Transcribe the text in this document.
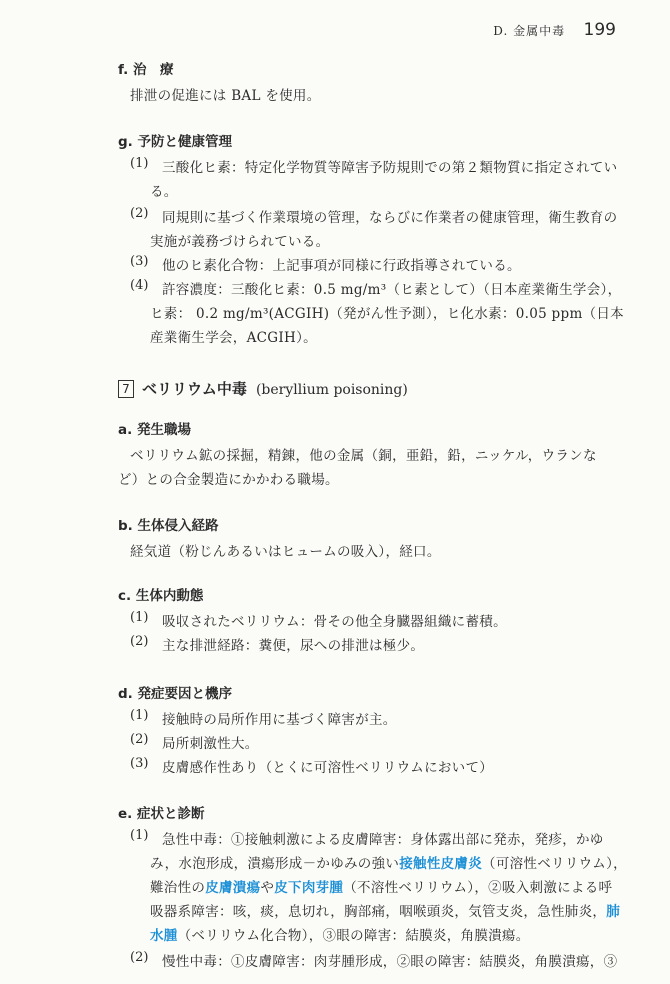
D. 金属中毒 199
f. 治　療
排泄の促進には BAL を使用。
g. 予防と健康管理
(1) 三酸化ヒ素：特定化学物質等障害予防規則での第２類物質に指定されてい
る。
(2) 同規則に基づく作業環境の管理，ならびに作業者の健康管理，衛生教育の
実施が義務づけられている。
(3) 他のヒ素化合物：上記事項が同様に行政指導されている。
(4) 許容濃度：三酸化ヒ素：0.5 mg/m³（ヒ素として）（日本産業衛生学会），
ヒ素： 0.2 mg/m³(ACGIH)（発がん性予測），ヒ化水素：0.05 ppm（日本
産業衛生学会，ACGIH）。
7 ベリリウム中毒 (beryllium poisoning)
a. 発生職場
ベリリウム鉱の採掘，精錬，他の金属（銅，亜鉛，鉛，ニッケル，ウランな
ど）との合金製造にかかわる職場。
b. 生体侵入経路
経気道（粉じんあるいはヒュームの吸入），経口。
c. 生体内動態
(1) 吸収されたベリリウム：骨その他全身臓器組織に蓄積。
(2) 主な排泄経路：糞便，尿への排泄は極少。
d. 発症要因と機序
(1) 接触時の局所作用に基づく障害が主。
(2) 局所刺激性大。
(3) 皮膚感作性あり（とくに可溶性ベリリウムにおいて）
e. 症状と診断
(1) 急性中毒：①接触刺激による皮膚障害：身体露出部に発赤，発疹，かゆ
み，水泡形成，潰瘍形成－かゆみの強い接触性皮膚炎（可溶性ベリリウム），
難治性の皮膚潰瘍や皮下肉芽腫（不溶性ベリリウム），②吸入刺激による呼
吸器系障害：咳，痰，息切れ，胸部痛，咽喉頭炎，気管支炎，急性肺炎，肺
水腫（ベリリウム化合物），③眼の障害：結膜炎，角膜潰瘍。
(2) 慢性中毒：①皮膚障害：肉芽腫形成，②眼の障害：結膜炎，角膜潰瘍，③
